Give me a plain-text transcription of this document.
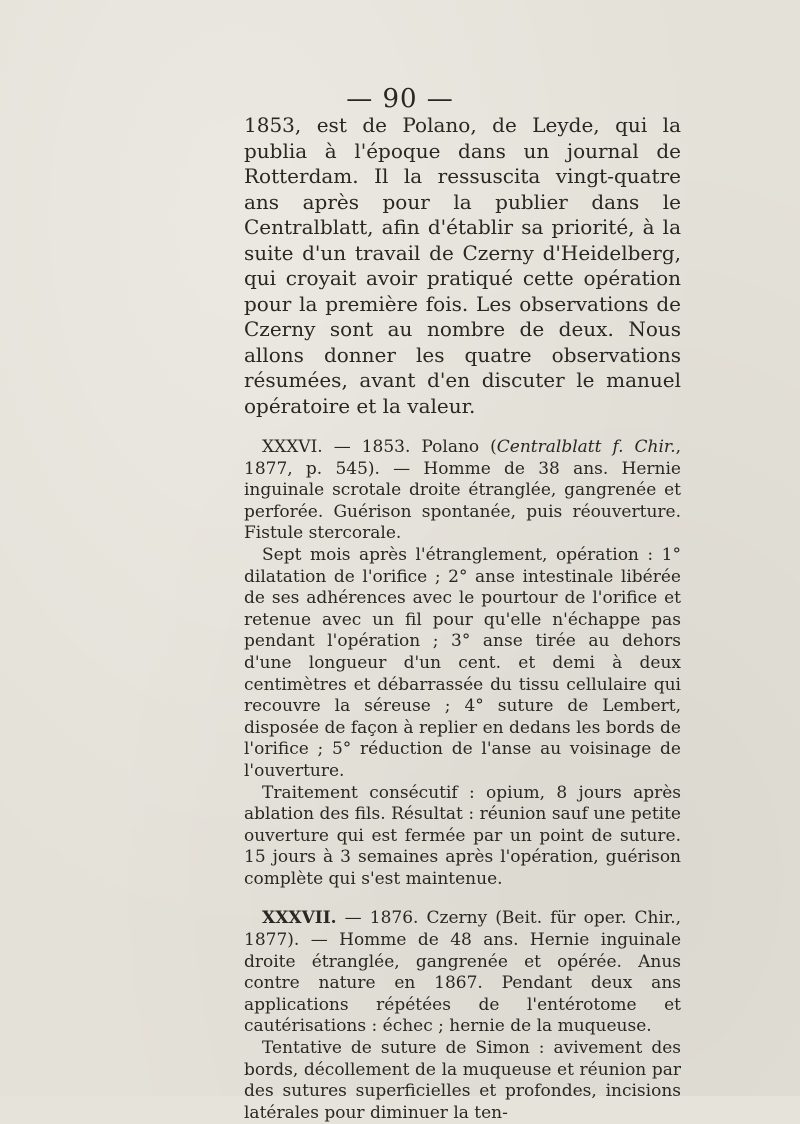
— 90 —

1853, est de Polano, de Leyde, qui la publia à l'époque dans un journal de Rotterdam. Il la ressuscita vingt-quatre ans après pour la publier dans le Centralblatt, afin d'établir sa priorité, à la suite d'un travail de Czerny d'Heidelberg, qui croyait avoir pratiqué cette opération pour la première fois. Les observations de Czerny sont au nombre de deux. Nous allons donner les quatre observations résumées, avant d'en discuter le manuel opératoire et la valeur.

XXXVI. — 1853. Polano (Centralblatt f. Chir., 1877, p. 545). — Homme de 38 ans. Hernie inguinale scrotale droite étranglée, gangrenée et perforée. Guérison spontanée, puis réouverture. Fistule stercorale.

Sept mois après l'étranglement, opération : 1° dilatation de l'orifice ; 2° anse intestinale libérée de ses adhérences avec le pourtour de l'orifice et retenue avec un fil pour qu'elle n'échappe pas pendant l'opération ; 3° anse tirée au dehors d'une longueur d'un cent. et demi à deux centimètres et débarrassée du tissu cellulaire qui recouvre la séreuse ; 4° suture de Lembert, disposée de façon à replier en dedans les bords de l'orifice ; 5° réduction de l'anse au voisinage de l'ouverture.

Traitement consécutif : opium, 8 jours après ablation des fils. Résultat : réunion sauf une petite ouverture qui est fermée par un point de suture. 15 jours à 3 semaines après l'opération, guérison complète qui s'est maintenue.

XXXVII. — 1876. Czerny (Beit. für oper. Chir., 1877). — Homme de 48 ans. Hernie inguinale droite étranglée, gangrenée et opérée. Anus contre nature en 1867. Pendant deux ans applications répétées de l'entérotome et cautérisations : échec ; hernie de la muqueuse.

Tentative de suture de Simon : avivement des bords, décollement de la muqueuse et réunion par des sutures superficielles et profondes, incisions latérales pour diminuer la ten-
